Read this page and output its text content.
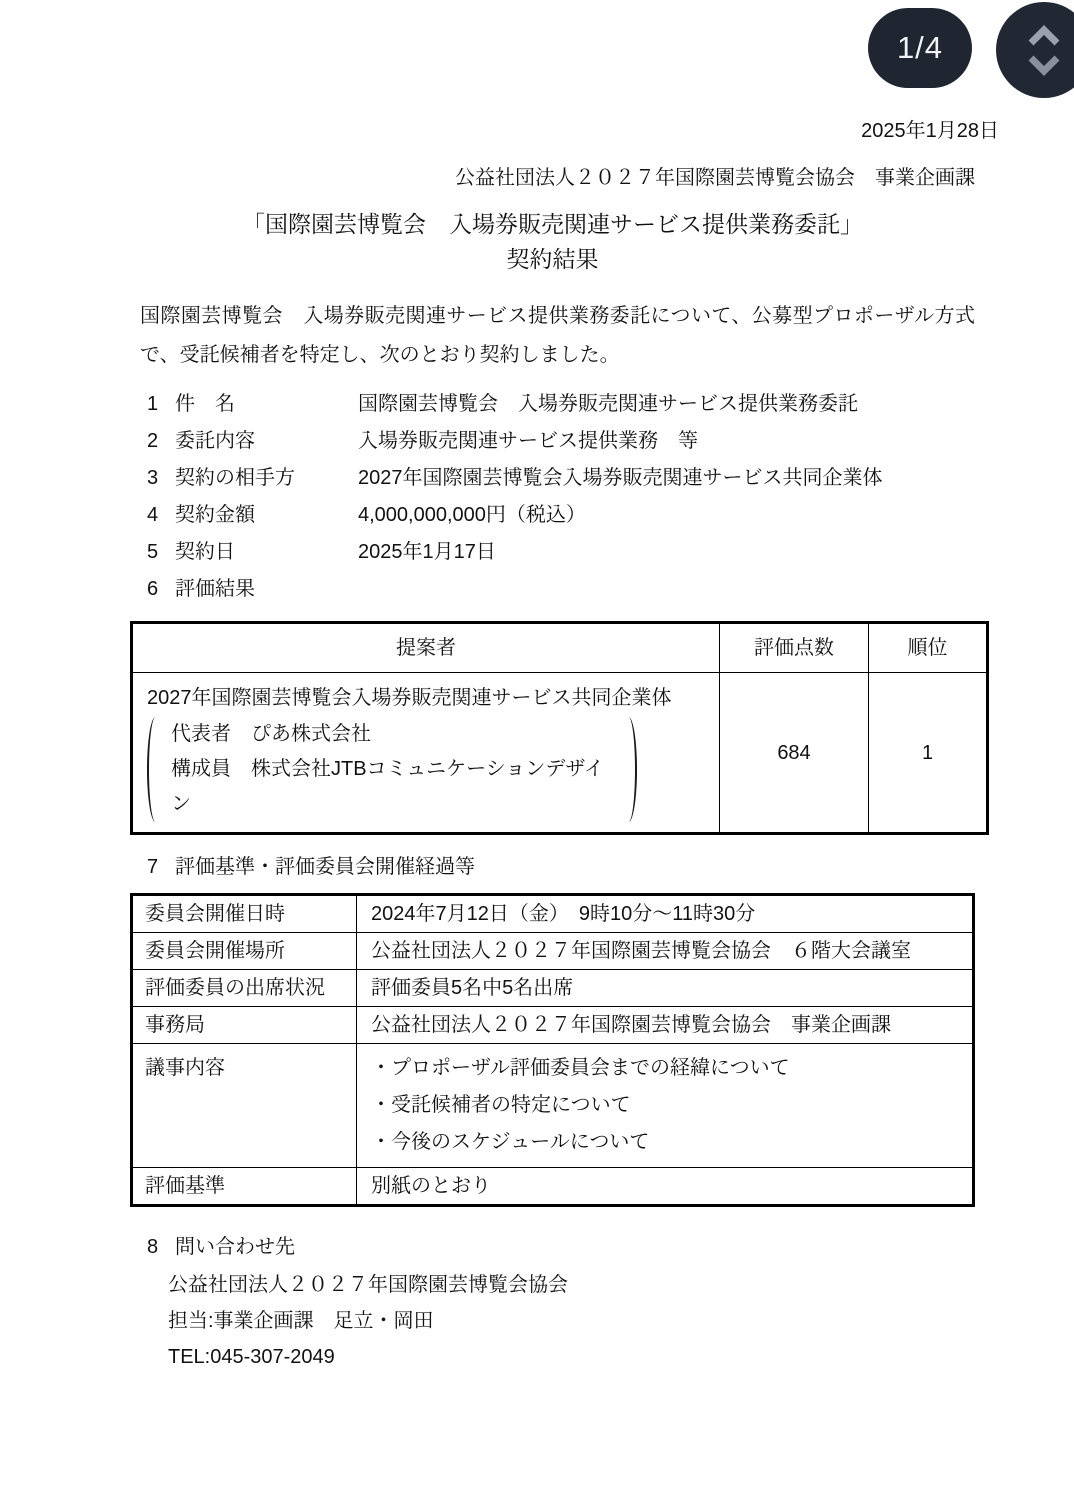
1/4
2025年1月28日
公益社団法人２０２７年国際園芸博覧会協会　事業企画課
「国際園芸博覧会　入場券販売関連サービス提供業務委託」
契約結果
国際園芸博覧会　入場券販売関連サービス提供業務委託について、公募型プロポーザル方式で、受託候補者を特定し、次のとおり契約しました。
1 件　名	国際園芸博覧会　入場券販売関連サービス提供業務委託
2 委託内容	入場券販売関連サービス提供業務　等
3 契約の相手方	2027年国際園芸博覧会入場券販売関連サービス共同企業体
4 契約金額	4,000,000,000円（税込）
5 契約日	2025年1月17日
6 評価結果
提案者	評価点数	順位

2027年国際園芸博覧会入場券販売関連サービス共同企業体
代表者　ぴあ株式会社
構成員　株式会社JTBコミュニケーションデザイン	684	1
7 評価基準・評価委員会開催経過等
委員会開催日時	2024年7月12日（金）　9時10分～11時30分
委員会開催場所	公益社団法人２０２７年国際園芸博覧会協会　６階大会議室
評価委員の出席状況	評価委員5名中5名出席
事務局	公益社団法人２０２７年国際園芸博覧会協会　事業企画課
議事内容	・プロポーザル評価委員会までの経緯について
・受託候補者の特定について
・今後のスケジュールについて

評価基準	別紙のとおり
8 問い合わせ先
公益社団法人２０２７年国際園芸博覧会協会
担当:事業企画課　足立・岡田
TEL:045-307-2049
